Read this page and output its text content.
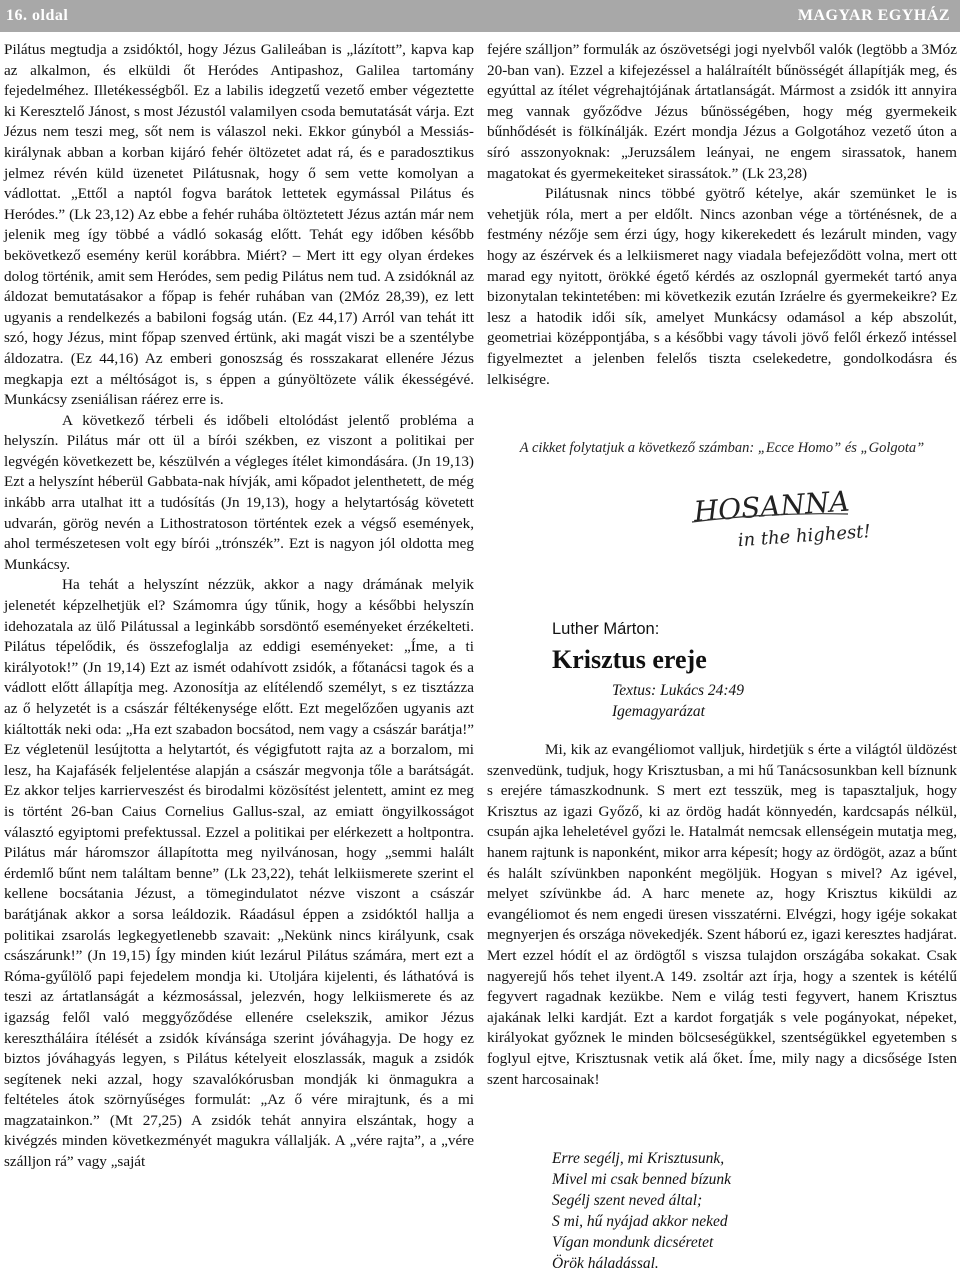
16. oldal	MAGYAR EGYHÁZ

Pilátus megtudja a zsidóktól, hogy Jézus Galileában is „lázított”, kapva kap az alkalmon, és elküldi őt Heródes Antipashoz, Galilea tartomány fejedelméhez. Illetékességből. Ez a labilis idegzetű vezető ember végeztette ki Keresztelő Jánost, s most Jézustól valamilyen csoda bemutatását várja. Ezt Jézus nem teszi meg, sőt nem is válaszol neki. Ekkor gúnyból a Messiás-királynak abban a korban kijáró fehér öltözetet adat rá, és e paradosztikus jelmez révén küld üzenetet Pilátusnak, hogy ő sem vette komolyan a vádlottat. „Ettől a naptól fogva barátok lettetek egymással Pilátus és Heródes.” (Lk 23,12) Az ebbe a fehér ruhába öltöztetett Jézus aztán már nem jelenik meg így többé a vádló sokaság előtt. Tehát egy időben később bekövetkező esemény kerül korábbra. Miért? – Mert itt egy olyan érdekes dolog történik, amit sem Heródes, sem pedig Pilátus nem tud. A zsidóknál az áldozat bemutatásakor a főpap is fehér ruhában van (2Móz 28,39), ez lett ugyanis a rendelkezés a babiloni fogság után. (Ez 44,17) Arról van tehát itt szó, hogy Jézus, mint főpap szenved értünk, aki magát viszi be a szentélybe áldozatra. (Ez 44,16) Az emberi gonoszság és rosszakarat ellenére Jézus megkapja ezt a méltóságot is, s éppen a gúnyöltözete válik ékességévé. Munkácsy zseniálisan ráérez erre is.

A következő térbeli és időbeli eltolódást jelentő probléma a helyszín. Pilátus már ott ül a bírói székben, ez viszont a politikai per legvégén következett be, készülvén a végleges ítélet kimondására. (Jn 19,13) Ezt a helyszínt héberül Gabbata-nak hívják, ami kőpadot jelenthetett, de még inkább arra utalhat itt a tudósítás (Jn 19,13), hogy a helytartóság követett udvarán, görög nevén a Lithostratoson történtek ezek a végső események, ahol természetesen volt egy bírói „trónszék”. Ezt is nagyon jól oldotta meg Munkácsy.

Ha tehát a helyszínt nézzük, akkor a nagy drámának melyik jelenetét képzelhetjük el? Számomra úgy tűnik, hogy a későbbi helyszín idehozatala az ülő Pilátussal a leginkább sorsdöntő eseményeket érzékelteti. Pilátus tépelődik, és összefoglalja az eddigi eseményeket: „Íme, a ti királyotok!” (Jn 19,14) Ezt az ismét odahívott zsidók, a főtanácsi tagok és a vádlott előtt állapítja meg. Azonosítja az elítélendő személyt, s ez tisztázza az ő helyzetét is a császár féltékenysége előtt. Ezt megelőzően ugyanis azt kiáltották neki oda: „Ha ezt szabadon bocsátod, nem vagy a császár barátja!” Ez végletenül lesújtotta a helytartót, és végigfutott rajta az a borzalom, mi lesz, ha Kajafásék feljelentése alapján a császár megvonja tőle a barátságát. Ez akkor teljes karrierveszést és birodalmi közösítést jelentett, amint ez meg is történt 26-ban Caius Cornelius Gallus-szal, az emiatt öngyilkosságot választó egyiptomi prefektussal. Ezzel a politikai per elérkezett a holtpontra. Pilátus már háromszor állapította meg nyilvánosan, hogy „semmi halált érdemlő bűnt nem találtam benne” (Lk 23,22), tehát lelkiismerete szerint el kellene bocsátania Jézust, a tömegindulatot nézve viszont a császár barátjának akkor a sorsa leáldozik. Ráadásul éppen a zsidóktól hallja a politikai zsarolás legkegyetlenebb szavait: „Nekünk nincs királyunk, csak császárunk!” (Jn 19,15) Így minden kiút lezárul Pilátus számára, mert ezt a Róma-gyűlölő papi fejedelem mondja ki. Utoljára kijelenti, és láthatóvá is teszi az ártatlanságát a kézmosással, jelezvén, hogy lelkiismerete és az igazság felől való meggyőződése ellenére cselekszik, amikor Jézus keresztháláira ítélését a zsidók kívánsága szerint jóváhagyja. De hogy ez biztos jóváhagyás legyen, s Pilátus kételyeit eloszlassák, maguk a zsidók segítenek neki azzal, hogy szavalókórusban mondják ki önmagukra a feltételes átok szörnyűséges formulát: „Az ő vére mirajtunk, és a mi magzatainkon.” (Mt 27,25) A zsidók tehát annyira elszántak, hogy a kivégzés minden következményét magukra vállalják. A „vére rajta”, a „vére szálljon rá” vagy „saját

fejére szálljon” formulák az ószövetségi jogi nyelvből valók (legtöbb a 3Móz 20-ban van). Ezzel a kifejezéssel a halálraítélt bűnösségét állapítják meg, és egyúttal az ítélet végrehajtójának ártatlanságát. Mármost a zsidók itt annyira meg vannak győződve Jézus bűnösségében, hogy még gyermekeik bűnhődését is fölkínálják. Ezért mondja Jézus a Golgotához vezető úton a síró asszonyoknak: „Jeruzsálem leányai, ne engem sirassatok, hanem magatokat és gyermekeiteket sirassátok.” (Lk 23,28)

Pilátusnak nincs többé gyötrő kételye, akár szemünket le is vehetjük róla, mert a per eldőlt. Nincs azonban vége a történésnek, de a festmény nézője sem érzi úgy, hogy kikerekedett és lezárult minden, vagy hogy az észérvek és a lelkiismeret nagy viadala befejeződött volna, mert ott marad egy nyitott, örökké égető kérdés az oszlopnál gyermekét tartó anya bizonytalan tekintetében: mi következik ezután Izráelre és gyermekeikre? Ez lesz a hatodik idői sík, amelyet Munkácsy odamásol a kép abszolút, geometriai középpontjába, s a későbbi vagy távoli jövő felől érkező intéssel figyelmeztet a jelenben felelős tiszta cselekedetre, gondolkodásra és lelkiségre.

A cikket folytatjuk a következő számban: „Ecce Homo” és „Golgota”
HOSANNA
in the highest!
Luther Márton:
Krisztus ereje
Textus: Lukács 24:49
Igemagyarázat

Mi, kik az evangéliomot valljuk, hirdetjük s érte a világtól üldözést szenvedünk, tudjuk, hogy Krisztusban, a mi hű Tanácsosunkban kell bíznunk s erejére támaszkodnunk. S mert ezt tesszük, meg is tapasztaljuk, hogy Krisztus az igazi Győző, ki az ördög hadát könnyedén, kardcsapás nélkül, csupán ajka leheletével győzi le. Hatalmát nemcsak ellenségein mutatja meg, hanem rajtunk is naponként, mikor arra képesít; hogy az ördögöt, azaz a bűnt és halált szívünkben naponként megöljük. Hogyan s mivel? Az igével, melyet szívünkbe ád. A harc menete az, hogy Krisztus kiküldi az evangéliomot és nem engedi üresen visszatérni. Elvégzi, hogy igéje sokakat megnyerjen és országa növekedjék. Szent háború ez, igazi keresztes hadjárat. Mert ezzel hódít el az ördögtől s viszsa tulajdon országába sokakat. Csak nagyerejű hős tehet ilyent.A 149. zsoltár azt írja, hogy a szentek is kétélű fegyvert ragadnak kezükbe. Nem e világ testi fegyvert, hanem Krisztus ajakának lelki kardját. Ezt a kardot forgatják s vele pogányokat, népeket, királyokat győznek le minden bölcseségükkel, szentségükkel egyetemben s foglyul ejtve, Krisztusnak vetik alá őket. Íme, mily nagy a dicsősége Isten szent harcosainak!

Erre segélj, mi Krisztusunk,
Mivel mi csak benned bízunk
Segélj szent neved által;
S mi, hű nyájad akkor neked
Vígan mondunk dicséretet
Örök háladással.
